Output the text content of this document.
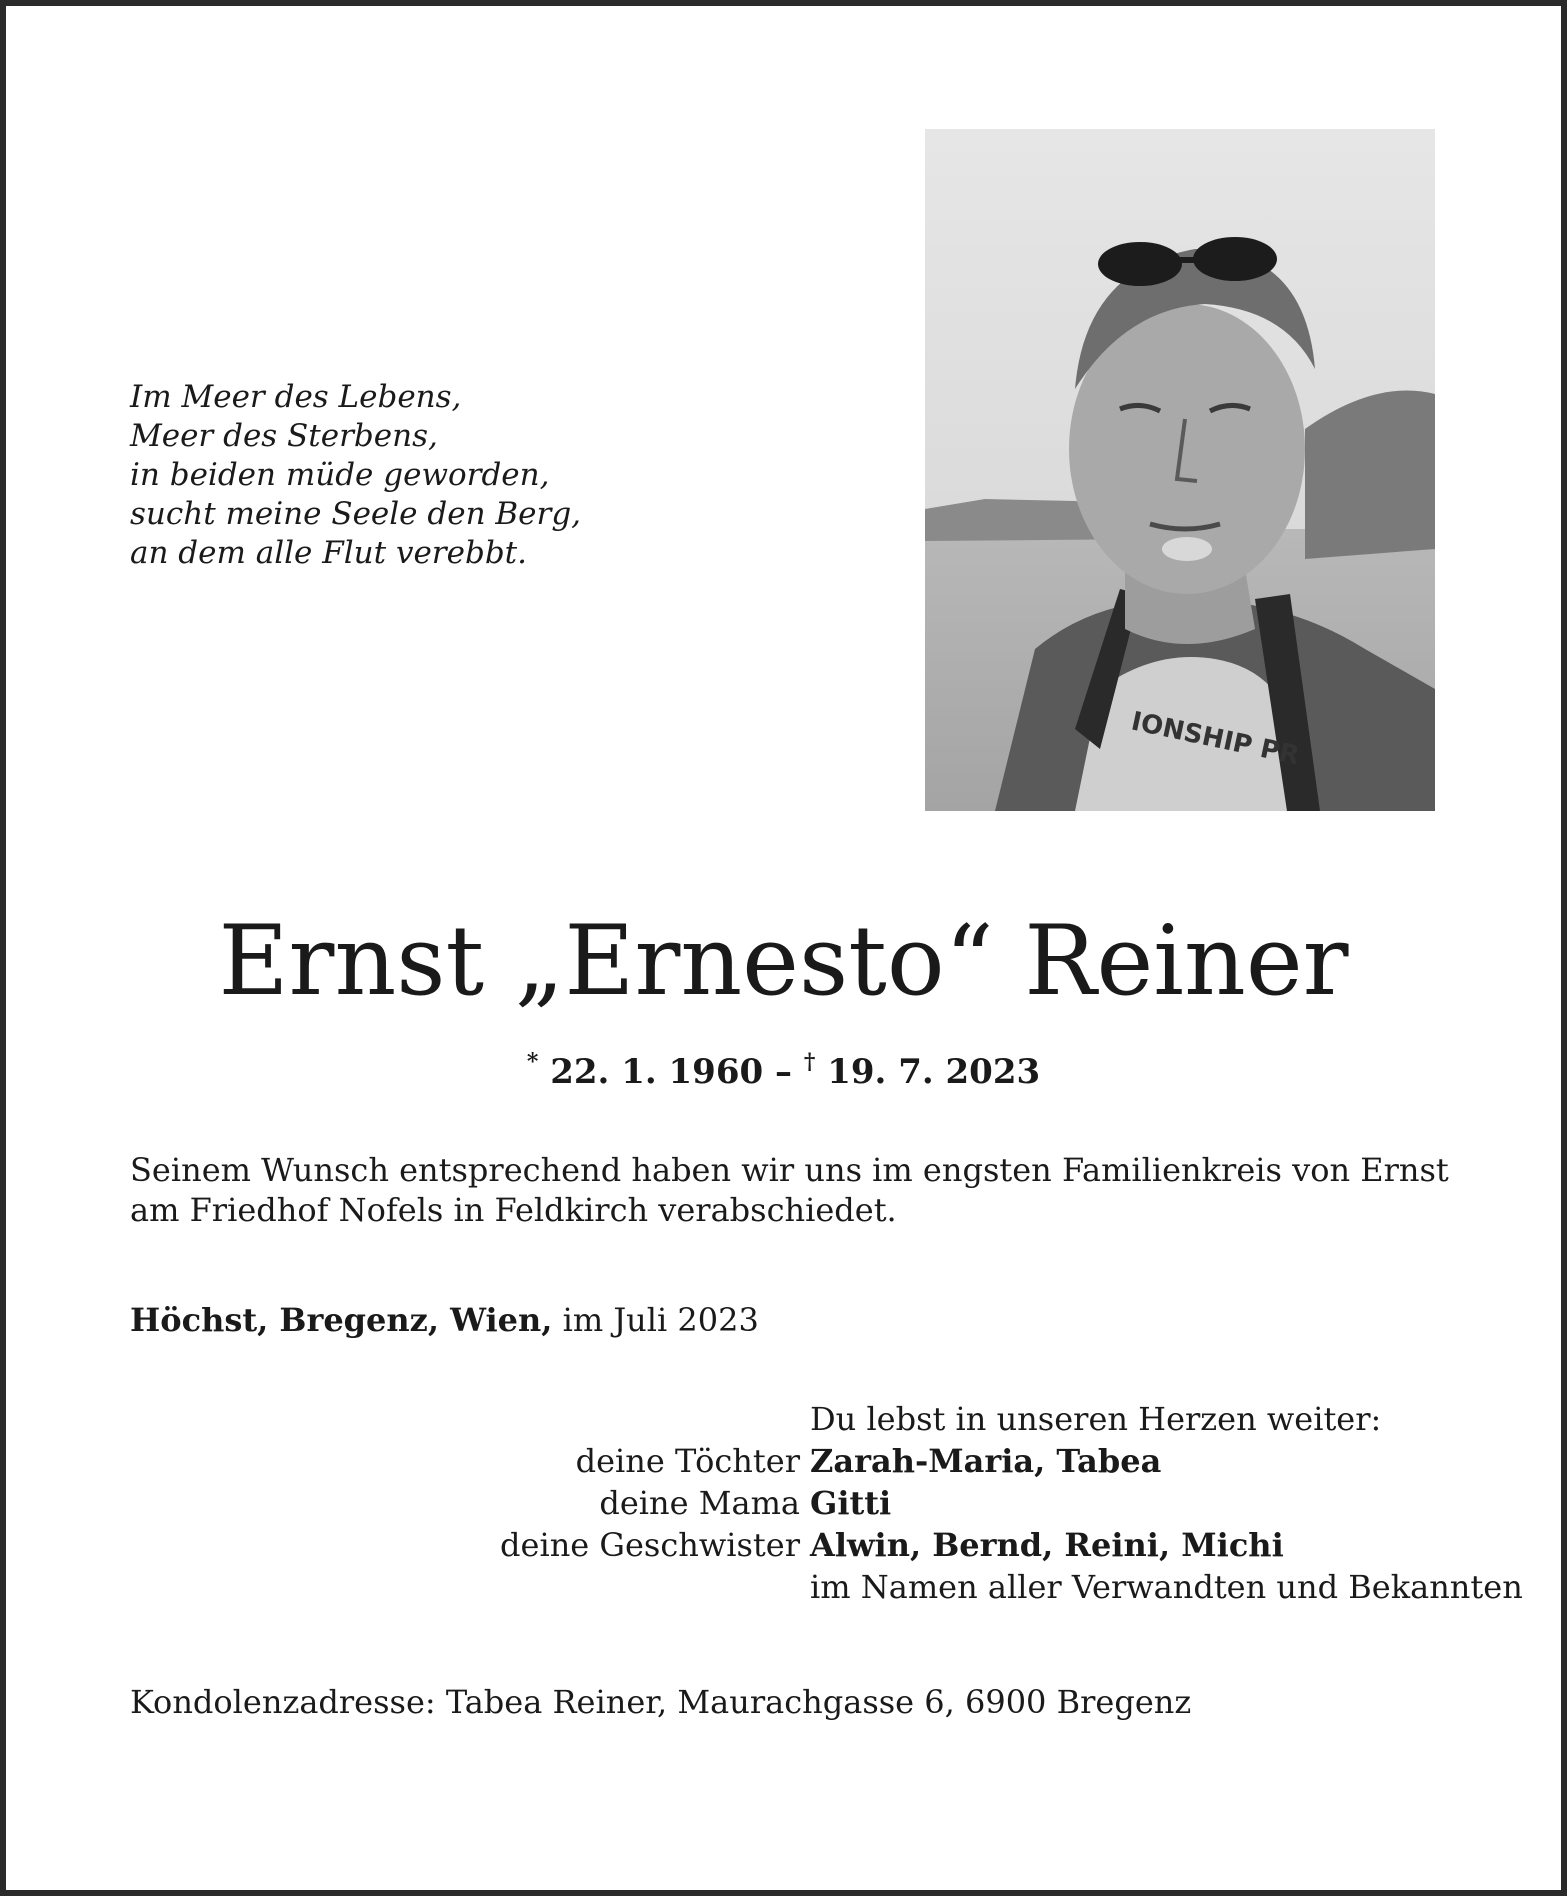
Im Meer des Lebens,
Meer des Sterbens,
in beiden müde geworden,
sucht meine Seele den Berg,
an dem alle Flut verebbt.
IONSHIP PR
Ernst „Ernesto“ Reiner
* 22. 1. 1960 – † 19. 7. 2023
Seinem Wunsch entsprechend haben wir uns im engsten Familienkreis von Ernst am Friedhof Nofels in Feldkirch verabschiedet.
Höchst, Bregenz, Wien, im Juli 2023
Du lebst in unseren Herzen weiter:
deine Töchter Zarah-Maria, Tabea
deine Mama Gitti
deine Geschwister Alwin, Bernd, Reini, Michi
im Namen aller Verwandten und Bekannten
Kondolenzadresse: Tabea Reiner, Maurachgasse 6, 6900 Bregenz
